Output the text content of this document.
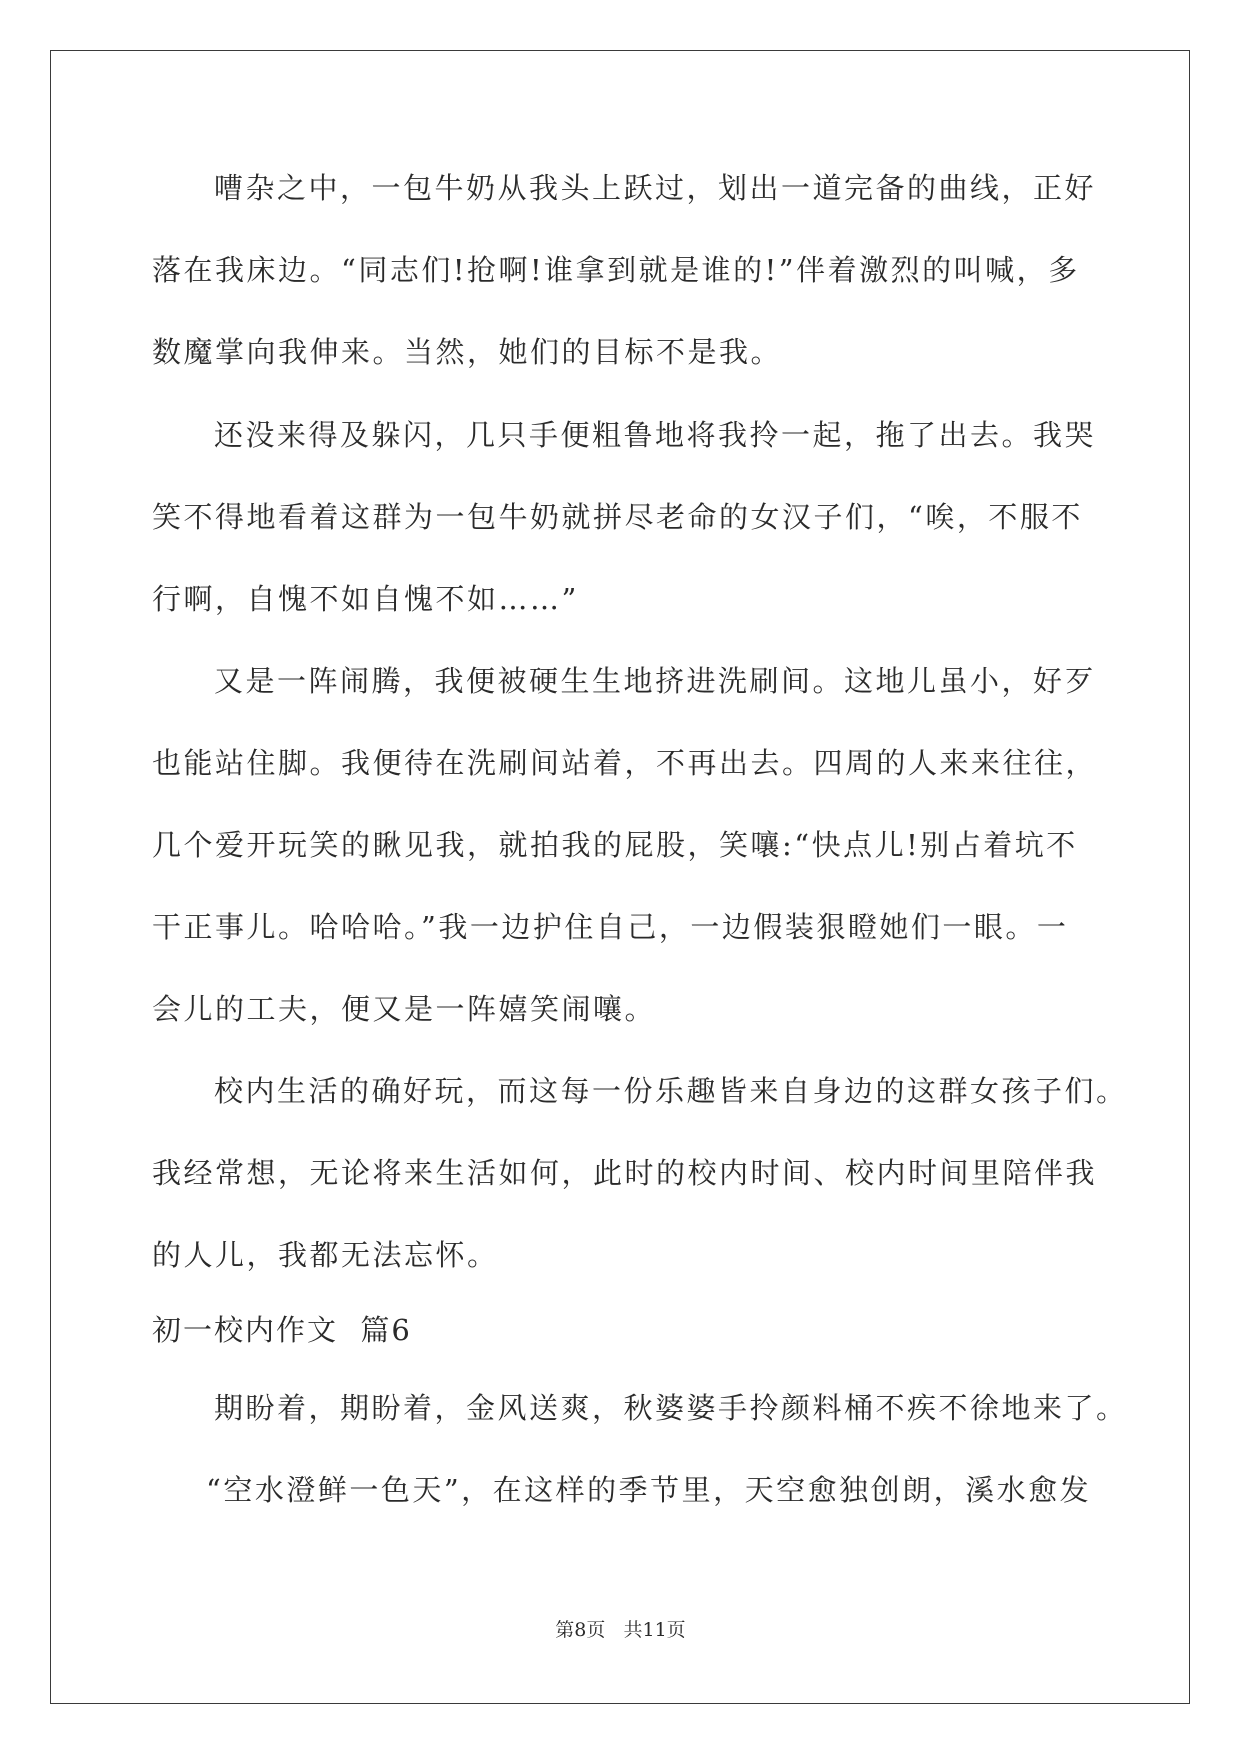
嘈杂之中，一包牛奶从我头上跃过，划出一道完备的曲线，正好
落在我床边。“同志们!抢啊!谁拿到就是谁的!”伴着激烈的叫喊，多
数魔掌向我伸来。当然，她们的目标不是我。
还没来得及躲闪，几只手便粗鲁地将我拎一起，拖了出去。我哭
笑不得地看着这群为一包牛奶就拼尽老命的女汉子们，“唉，不服不
行啊，自愧不如自愧不如……”
又是一阵闹腾，我便被硬生生地挤进洗刷间。这地儿虽小，好歹
也能站住脚。我便待在洗刷间站着，不再出去。四周的人来来往往，
几个爱开玩笑的瞅见我，就拍我的屁股，笑嚷:“快点儿!别占着坑不
干正事儿。哈哈哈。”我一边护住自己，一边假装狠瞪她们一眼。一
会儿的工夫，便又是一阵嬉笑闹嚷。
校内生活的确好玩，而这每一份乐趣皆来自身边的这群女孩子们。
我经常想，无论将来生活如何，此时的校内时间、校内时间里陪伴我
的人儿，我都无法忘怀。
初一校内作文  篇6
期盼着，期盼着，金风送爽，秋婆婆手拎颜料桶不疾不徐地来了。
“空水澄鲜一色天”，在这样的季节里，天空愈独创朗，溪水愈发
第8页   共11页
